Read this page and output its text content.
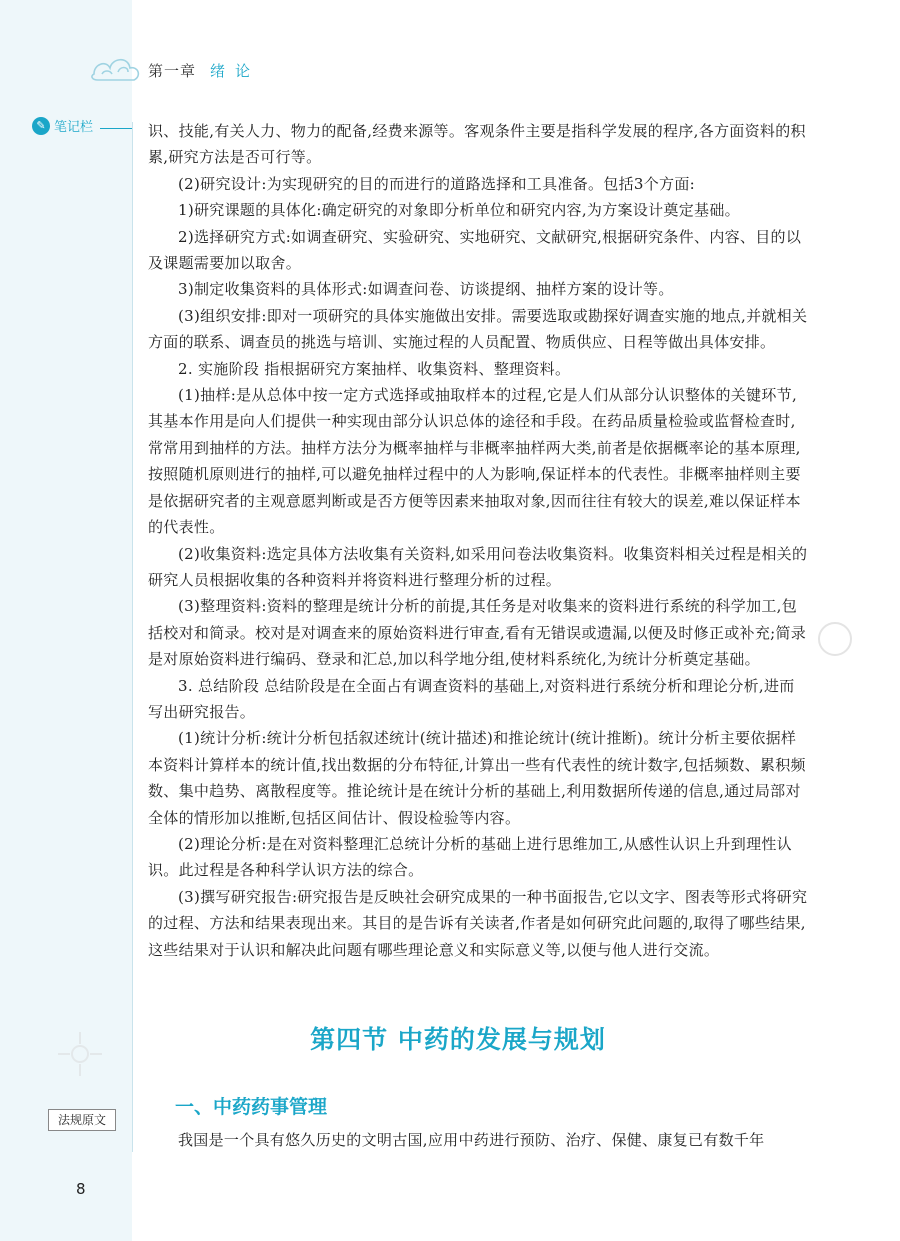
第一章 绪论
✎ 笔记栏
法规原文
8

识、技能,有关人力、物力的配备,经费来源等。客观条件主要是指科学发展的程序,各方面资料的积累,研究方法是否可行等。

(2)研究设计:为实现研究的目的而进行的道路选择和工具准备。包括3个方面:

1)研究课题的具体化:确定研究的对象即分析单位和研究内容,为方案设计奠定基础。

2)选择研究方式:如调查研究、实验研究、实地研究、文献研究,根据研究条件、内容、目的以及课题需要加以取舍。

3)制定收集资料的具体形式:如调查问卷、访谈提纲、抽样方案的设计等。

(3)组织安排:即对一项研究的具体实施做出安排。需要选取或勘探好调查实施的地点,并就相关方面的联系、调查员的挑选与培训、实施过程的人员配置、物质供应、日程等做出具体安排。

2. 实施阶段 指根据研究方案抽样、收集资料、整理资料。

(1)抽样:是从总体中按一定方式选择或抽取样本的过程,它是人们从部分认识整体的关键环节,其基本作用是向人们提供一种实现由部分认识总体的途径和手段。在药品质量检验或监督检查时,常常用到抽样的方法。抽样方法分为概率抽样与非概率抽样两大类,前者是依据概率论的基本原理,按照随机原则进行的抽样,可以避免抽样过程中的人为影响,保证样本的代表性。非概率抽样则主要是依据研究者的主观意愿判断或是否方便等因素来抽取对象,因而往往有较大的误差,难以保证样本的代表性。

(2)收集资料:选定具体方法收集有关资料,如采用问卷法收集资料。收集资料相关过程是相关的研究人员根据收集的各种资料并将资料进行整理分析的过程。

(3)整理资料:资料的整理是统计分析的前提,其任务是对收集来的资料进行系统的科学加工,包括校对和简录。校对是对调查来的原始资料进行审查,看有无错误或遗漏,以便及时修正或补充;简录是对原始资料进行编码、登录和汇总,加以科学地分组,使材料系统化,为统计分析奠定基础。

3. 总结阶段 总结阶段是在全面占有调查资料的基础上,对资料进行系统分析和理论分析,进而写出研究报告。

(1)统计分析:统计分析包括叙述统计(统计描述)和推论统计(统计推断)。统计分析主要依据样本资料计算样本的统计值,找出数据的分布特征,计算出一些有代表性的统计数字,包括频数、累积频数、集中趋势、离散程度等。推论统计是在统计分析的基础上,利用数据所传递的信息,通过局部对全体的情形加以推断,包括区间估计、假设检验等内容。

(2)理论分析:是在对资料整理汇总统计分析的基础上进行思维加工,从感性认识上升到理性认识。此过程是各种科学认识方法的综合。

(3)撰写研究报告:研究报告是反映社会研究成果的一种书面报告,它以文字、图表等形式将研究的过程、方法和结果表现出来。其目的是告诉有关读者,作者是如何研究此问题的,取得了哪些结果,这些结果对于认识和解决此问题有哪些理论意义和实际意义等,以便与他人进行交流。

第四节 中药的发展与规划
一、中药药事管理

我国是一个具有悠久历史的文明古国,应用中药进行预防、治疗、保健、康复已有数千年
